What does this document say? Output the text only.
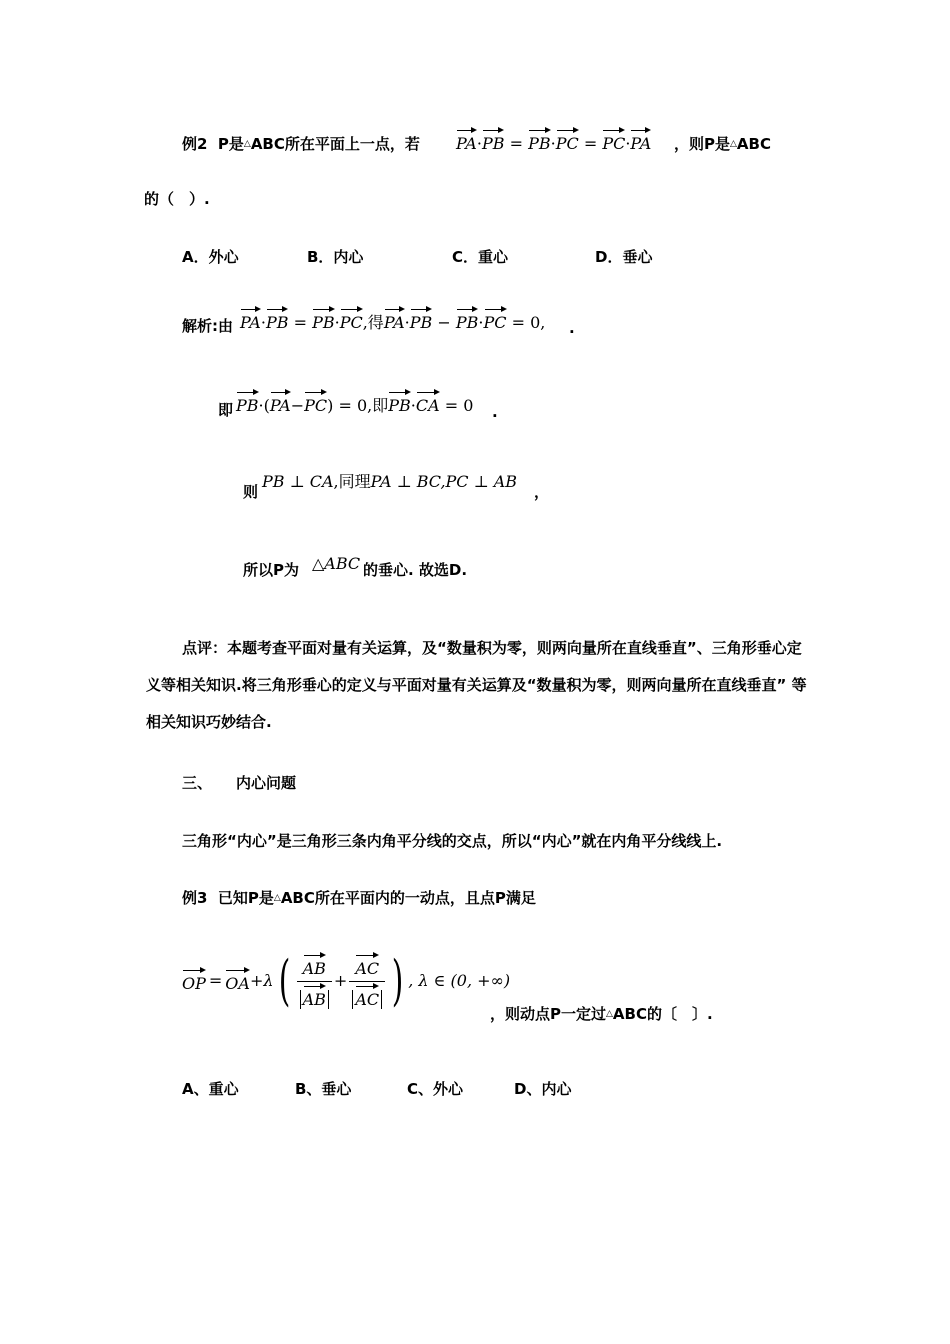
例2 P是△ABC所在平面上一点，若 PA·PB = PB·PC = PC·PA ，则P是△ABC
的（　）.
A．外心	B．内心	C．重心	D．垂心
解析:由 PA·PB = PB·PC,得PA·PB − PB·PC = 0, .
即 PB·(PA−PC) = 0,即PB·CA = 0 .
则
PB ⊥ CA,同理PA ⊥ BC,PC ⊥ AB
，
所以P为 △ABC 的垂心. 故选D.
点评：本题考查平面对量有关运算，及“数量积为零，则两向量所在直线垂直”、三角形垂心定义等相关知识.将三角形垂心的定义与平面对量有关运算及“数量积为零，则两向量所在直线垂直” 等相关知识巧妙结合.
三、 内心问题
三角形“内心”是三角形三条内角平分线的交点，所以“内心”就在内角平分线线上.
例3 已知P是△ABC所在平面内的一动点，且点P满足
OP = OA + λ ( $\frac{AB}{AB} + \frac{AC}{AC}$ ) , λ ∈ (0, +∞)
，则动点P一定过△ABC的〔　〕.
A、重心	B、垂心	C、外心	D、内心
